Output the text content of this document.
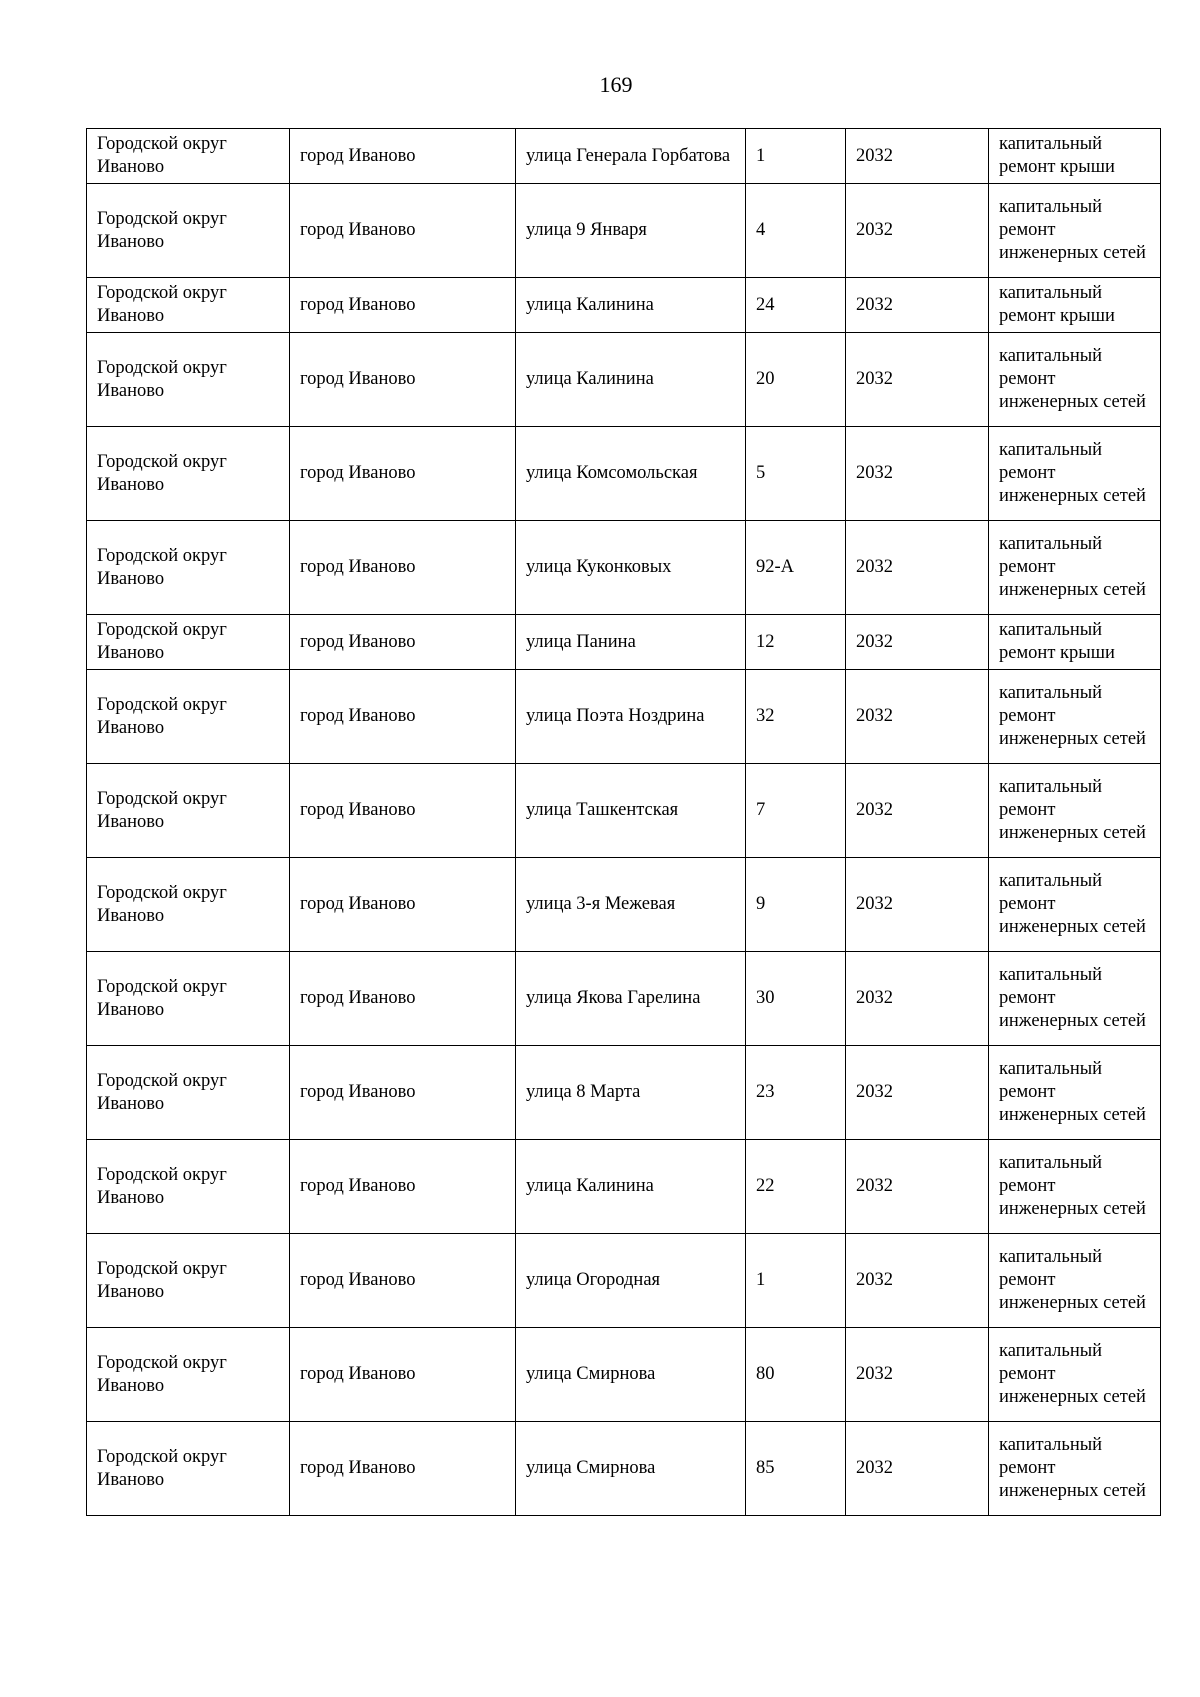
169
Городской округ Иваново	город Иваново	улица Генерала Горбатова	1	2032	капитальный ремонт крыши
Городской округ Иваново	город Иваново	улица 9 Января	4	2032	капитальный ремонт инженерных сетей
Городской округ Иваново	город Иваново	улица Калинина	24	2032	капитальный ремонт крыши
Городской округ Иваново	город Иваново	улица Калинина	20	2032	капитальный ремонт инженерных сетей
Городской округ Иваново	город Иваново	улица Комсомольская	5	2032	капитальный ремонт инженерных сетей
Городской округ Иваново	город Иваново	улица Куконковых	92-А	2032	капитальный ремонт инженерных сетей
Городской округ Иваново	город Иваново	улица Панина	12	2032	капитальный ремонт крыши
Городской округ Иваново	город Иваново	улица Поэта Ноздрина	32	2032	капитальный ремонт инженерных сетей
Городской округ Иваново	город Иваново	улица Ташкентская	7	2032	капитальный ремонт инженерных сетей
Городской округ Иваново	город Иваново	улица 3-я Межевая	9	2032	капитальный ремонт инженерных сетей
Городской округ Иваново	город Иваново	улица Якова Гарелина	30	2032	капитальный ремонт инженерных сетей
Городской округ Иваново	город Иваново	улица 8 Марта	23	2032	капитальный ремонт инженерных сетей
Городской округ Иваново	город Иваново	улица Калинина	22	2032	капитальный ремонт инженерных сетей
Городской округ Иваново	город Иваново	улица Огородная	1	2032	капитальный ремонт инженерных сетей
Городской округ Иваново	город Иваново	улица Смирнова	80	2032	капитальный ремонт инженерных сетей
Городской округ Иваново	город Иваново	улица Смирнова	85	2032	капитальный ремонт инженерных сетей
